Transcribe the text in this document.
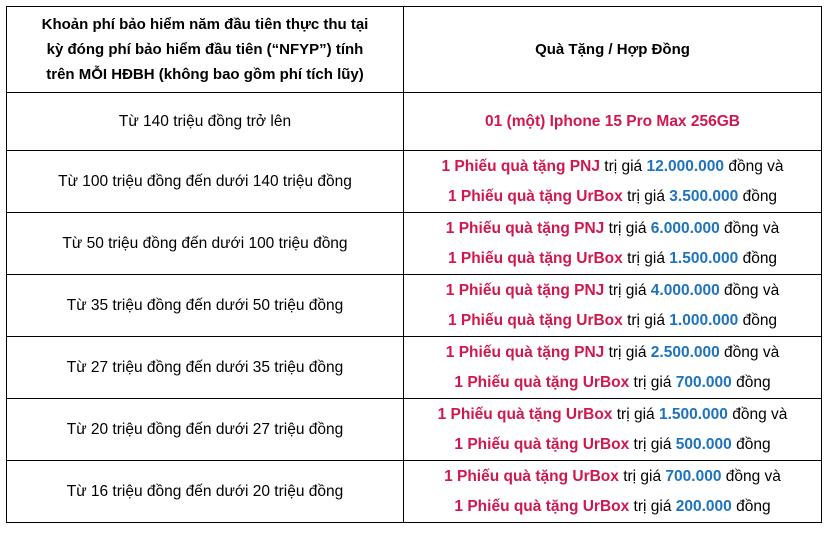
Khoản phí bảo hiểm năm đầu tiên thực thu tại
kỳ đóng phí bảo hiểm đầu tiên (“NFYP”) tính
trên MỖI HĐBH (không bao gồm phí tích lũy)	Quà Tặng / Hợp Đồng
Từ 140 triệu đồng trở lên	01 (một) Iphone 15 Pro Max 256GB
Từ 100 triệu đồng đến dưới 140 triệu đồng	1 Phiếu quà tặng PNJ trị giá 12.000.000 đồng và
1 Phiếu quà tặng UrBox trị giá 3.500.000 đồng

Từ 50 triệu đồng đến dưới 100 triệu đồng	1 Phiếu quà tặng PNJ trị giá 6.000.000 đồng và
1 Phiếu quà tặng UrBox trị giá 1.500.000 đồng

Từ 35 triệu đồng đến dưới 50 triệu đồng	1 Phiếu quà tặng PNJ trị giá 4.000.000 đồng và
1 Phiếu quà tặng UrBox trị giá 1.000.000 đồng

Từ 27 triệu đồng đến dưới 35 triệu đồng	1 Phiếu quà tặng PNJ trị giá 2.500.000 đồng và
1 Phiếu quà tặng UrBox trị giá 700.000 đồng

Từ 20 triệu đồng đến dưới 27 triệu đồng	1 Phiếu quà tặng UrBox trị giá 1.500.000 đồng và
1 Phiếu quà tặng UrBox trị giá 500.000 đồng

Từ 16 triệu đồng đến dưới 20 triệu đồng	1 Phiếu quà tặng UrBox trị giá 700.000 đồng và
1 Phiếu quà tặng UrBox trị giá 200.000 đồng
